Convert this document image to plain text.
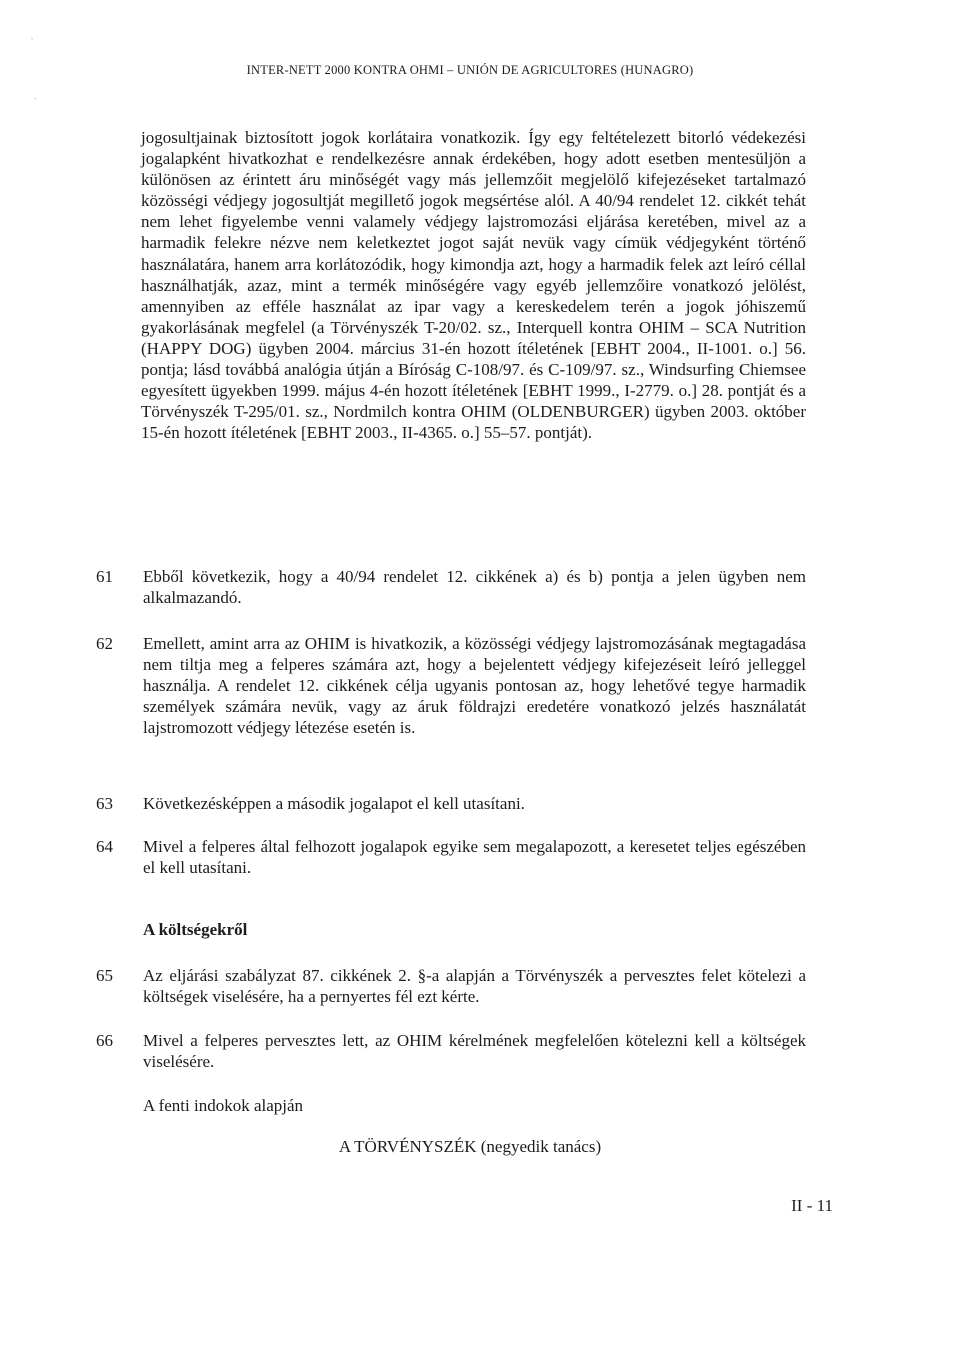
INTER-NETT 2000 KONTRA OHMI – UNIÓN DE AGRICULTORES (HUNAGRO)
ˇ
ˇ

jogosultjainak biztosított jogok korlátaira vonatkozik. Így egy feltételezett bitorló védekezési jogalapként hivatkozhat e rendelkezésre annak érdekében, hogy adott esetben mentesüljön a különösen az érintett áru minőségét vagy más jellemzőit megjelölő kifejezéseket tartalmazó közösségi védjegy jogosultját megillető jogok megsértése alól. A 40/94 rendelet 12. cikkét tehát nem lehet figyelembe venni valamely védjegy lajstromozási eljárása keretében, mivel az a harmadik felekre nézve nem keletkeztet jogot saját nevük vagy címük védjegyként történő használatára, hanem arra korlátozódik, hogy kimondja azt, hogy a harmadik felek azt leíró céllal használhatják, azaz, mint a termék minőségére vagy egyéb jellemzőire vonatkozó jelölést, amennyiben az efféle használat az ipar vagy a kereskedelem terén a jogok jóhiszemű gyakorlásának megfelel (a Törvényszék T-20/02. sz., Interquell kontra OHIM – SCA Nutrition (HAPPY DOG) ügyben 2004. március 31-én hozott ítéletének [EBHT 2004., II-1001. o.] 56. pontja; lásd továbbá analógia útján a Bíróság C-108/97. és C-109/97. sz., Windsurfing Chiemsee egyesített ügyekben 1999. május 4-én hozott ítéletének [EBHT 1999., I-2779. o.] 28. pontját és a Törvényszék T-295/01. sz., Nordmilch kontra OHIM (OLDENBURGER) ügyben 2003. október 15-én hozott ítéletének [EBHT 2003., II-4365. o.] 55–57. pontját).

61	Ebből következik, hogy a 40/94 rendelet 12. cikkének a) és b) pontja a jelen ügyben nem alkalmazandó.

62	Emellett, amint arra az OHIM is hivatkozik, a közösségi védjegy lajstromozásának megtagadása nem tiltja meg a felperes számára azt, hogy a bejelentett védjegy kifejezéseit leíró jelleggel használja. A rendelet 12. cikkének célja ugyanis pontosan az, hogy lehetővé tegye harmadik személyek számára nevük, vagy az áruk földrajzi eredetére vonatkozó jelzés használatát lajstromozott védjegy létezése esetén is.

63	Következésképpen a második jogalapot el kell utasítani.

64	Mivel a felperes által felhozott jogalapok egyike sem megalapozott, a keresetet teljes egészében el kell utasítani.

A költségekről

65	Az eljárási szabályzat 87. cikkének 2. §-a alapján a Törvényszék a pervesztes felet kötelezi a költségek viselésére, ha a pernyertes fél ezt kérte.

66	Mivel a felperes pervesztes lett, az OHIM kérelmének megfelelően kötelezni kell a költségek viselésére.

A fenti indokok alapján

A TÖRVÉNYSZÉK (negyedik tanács)

II - 11
